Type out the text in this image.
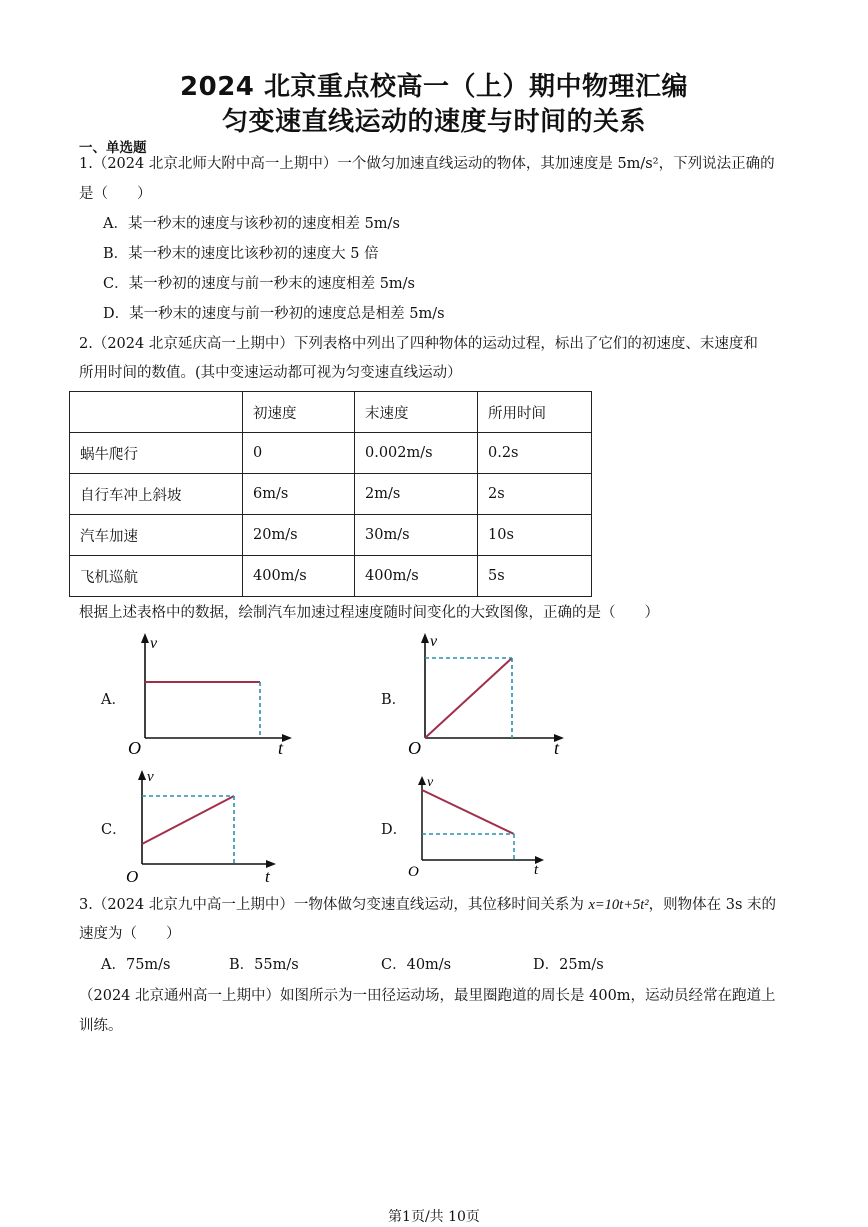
2024 北京重点校高一（上）期中物理汇编
匀变速直线运动的速度与时间的关系
一、单选题
1.（2024 北京北师大附中高一上期中）一个做匀加速直线运动的物体，其加速度是 5m/s²，下列说法正确的
是（　　）
A．某一秒末的速度与该秒初的速度相差 5m/s
B．某一秒末的速度比该秒初的速度大 5 倍
C．某一秒初的速度与前一秒末的速度相差 5m/s
D．某一秒末的速度与前一秒初的速度总是相差 5m/s
2.（2024 北京延庆高一上期中）下列表格中列出了四种物体的运动过程，标出了它们的初速度、末速度和
所用时间的数值。(其中变速运动都可视为匀变速直线运动）
	初速度	末速度	所用时间
蜗牛爬行	0	0.002m/s	0.2s
自行车冲上斜坡	6m/s	2m/s	2s
汽车加速	20m/s	30m/s	10s
飞机巡航	400m/s	400m/s	5s
根据上述表格中的数据，绘制汽车加速过程速度随时间变化的大致图像，正确的是（　　）
A．	B．
C．	D．
v
t
O
v
t
O
v
t
O
v
t
O
3.（2024 北京九中高一上期中）一物体做匀变速直线运动，其位移时间关系为 x=10t+5t²，则物体在 3s 末的
速度为（　　）
A．75m/s	B．55m/s	C．40m/s	D．25m/s
（2024 北京通州高一上期中）如图所示为一田径运动场，最里圈跑道的周长是 400m，运动员经常在跑道上
训练。
第1页/共 10页
